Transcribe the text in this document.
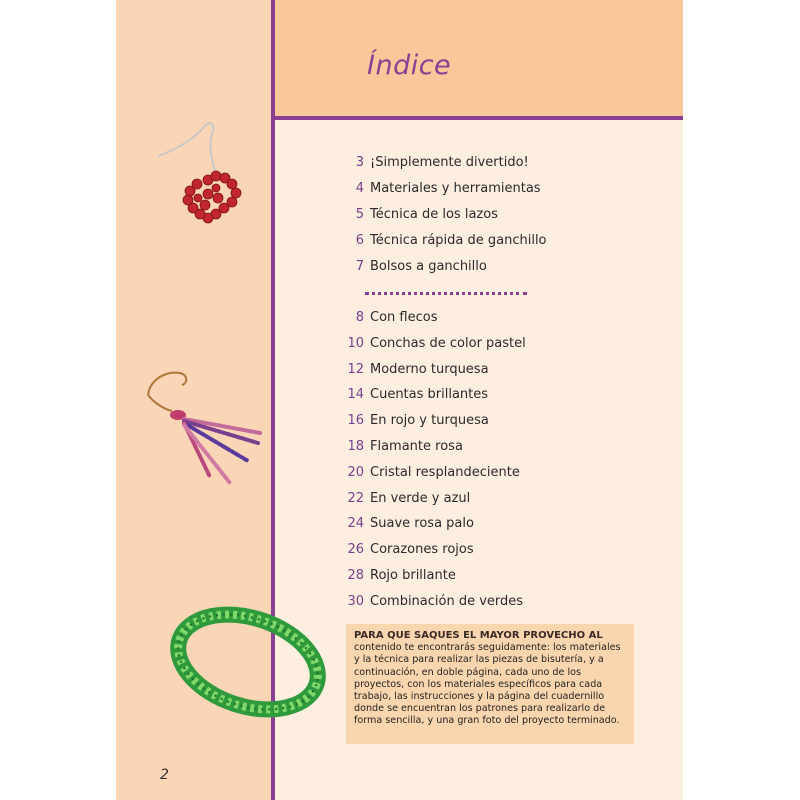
Índice
3 ¡Simplemente divertido!
4 Materiales y herramientas
5 Técnica de los lazos
6 Técnica rápida de ganchillo
7 Bolsos a ganchillo
8 Con flecos
10 Conchas de color pastel
12 Moderno turquesa
14 Cuentas brillantes
16 En rojo y turquesa
18 Flamante rosa
20 Cristal resplandeciente
22 En verde y azul
24 Suave rosa palo
26 Corazones rojos
28 Rojo brillante
30 Combinación de verdes
PARA QUE SAQUES EL MAYOR PROVECHO AL
contenido te encontrarás seguidamente: los materiales y la técnica para realizar las piezas de bisutería, y a continuación, en doble página, cada uno de los proyectos, con los materiales específicos para cada trabajo, las instrucciones y la página del cuadernillo donde se encuentran los patrones para realizarlo de forma sencilla, y una gran foto del proyecto terminado.
2
